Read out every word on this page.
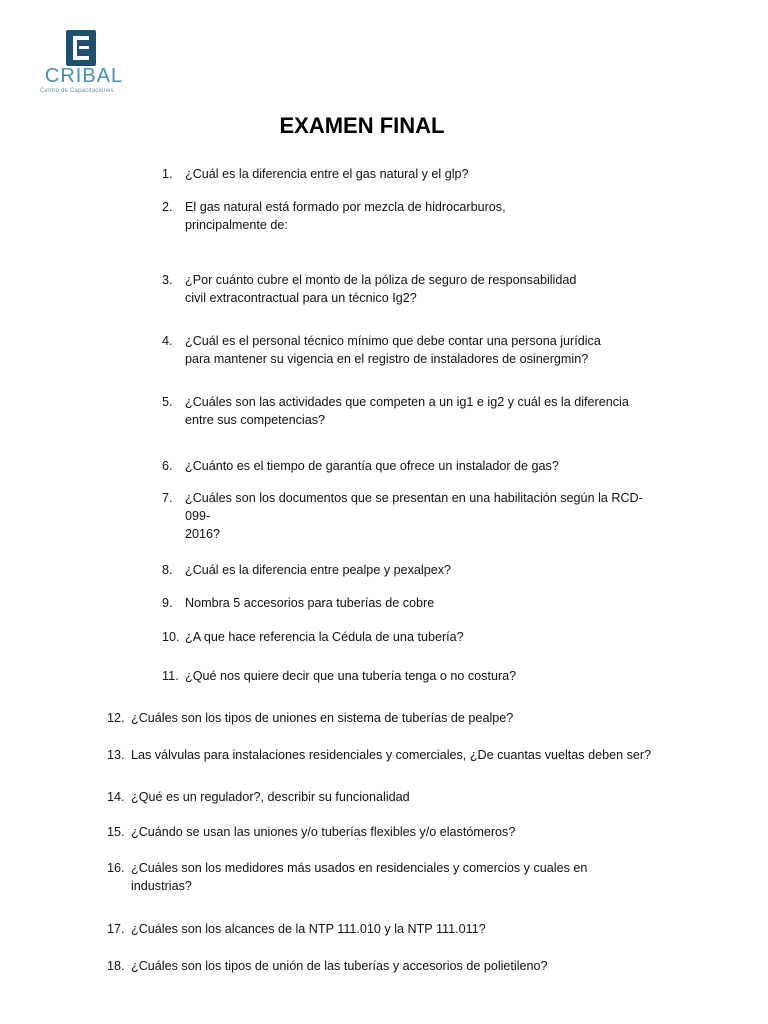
CRIBAL
Centro de Capacitaciones
EXAMEN FINAL
1. ¿Cuál es la diferencia entre el gas natural y el glp?
2. El gas natural está formado por mezcla de hidrocarburos,
principalmente de:
3. ¿Por cuánto cubre el monto de la póliza de seguro de responsabilidad
civil extracontractual para un técnico Ig2?
4. ¿Cuál es el personal técnico mínimo que debe contar una persona jurídica
para mantener su vigencia en el registro de instaladores de osinergmin?
5. ¿Cuáles son las actividades que competen a un ig1 e ig2 y cuál es la diferencia
entre sus competencias?
6. ¿Cuánto es el tiempo de garantía que ofrece un instalador de gas?
7. ¿Cuáles son los documentos que se presentan en una habilitación según la RCD-
099-
2016?
8. ¿Cuál es la diferencia entre pealpe y pexalpex?
9. Nombra 5 accesorios para tuberías de cobre
10. ¿A que hace referencia la Cédula de una tubería?
11. ¿Qué nos quiere decir que una tubería tenga o no costura?
12. ¿Cuáles son los tipos de uniones en sistema de tuberías de pealpe?
13. Las válvulas para instalaciones residenciales y comerciales, ¿De cuantas vueltas deben ser?
14. ¿Qué es un regulador?, describir su funcionalidad
15. ¿Cuándo se usan las uniones y/o tuberías flexibles y/o elastómeros?
16. ¿Cuáles son los medidores más usados en residenciales y comercios y cuales en
industrias?
17. ¿Cuáles son los alcances de la NTP 111.010 y la NTP 111.011?
18. ¿Cuáles son los tipos de unión de las tuberías y accesorios de polietileno?
